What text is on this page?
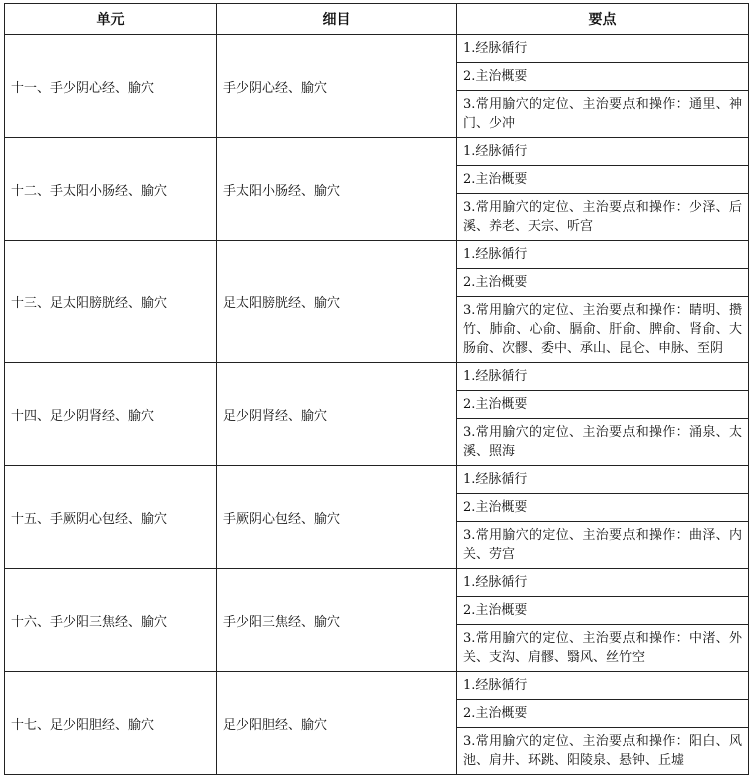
单元	细目	要点
十一、手少阴心经、腧穴	手少阴心经、腧穴	1.经脉循行
		2.主治概要
		3.常用腧穴的定位、主治要点和操作：通里、神门、少冲
十二、手太阳小肠经、腧穴	手太阳小肠经、腧穴	1.经脉循行
		2.主治概要
		3.常用腧穴的定位、主治要点和操作：少泽、后溪、养老、天宗、听宫
十三、足太阳膀胱经、腧穴	足太阳膀胱经、腧穴	1.经脉循行
		2.主治概要
		3.常用腧穴的定位、主治要点和操作：睛明、攒竹、肺俞、心俞、膈俞、肝俞、脾俞、肾俞、大肠俞、次髎、委中、承山、昆仑、申脉、至阴
十四、足少阴肾经、腧穴	足少阴肾经、腧穴	1.经脉循行
		2.主治概要
		3.常用腧穴的定位、主治要点和操作：涌泉、太溪、照海
十五、手厥阴心包经、腧穴	手厥阴心包经、腧穴	1.经脉循行
		2.主治概要
		3.常用腧穴的定位、主治要点和操作：曲泽、内关、劳宫
十六、手少阳三焦经、腧穴	手少阳三焦经、腧穴	1.经脉循行
		2.主治概要
		3.常用腧穴的定位、主治要点和操作：中渚、外关、支沟、肩髎、翳风、丝竹空
十七、足少阳胆经、腧穴	足少阳胆经、腧穴	1.经脉循行
		2.主治概要
		3.常用腧穴的定位、主治要点和操作：阳白、风池、肩井、环跳、阳陵泉、悬钟、丘墟
